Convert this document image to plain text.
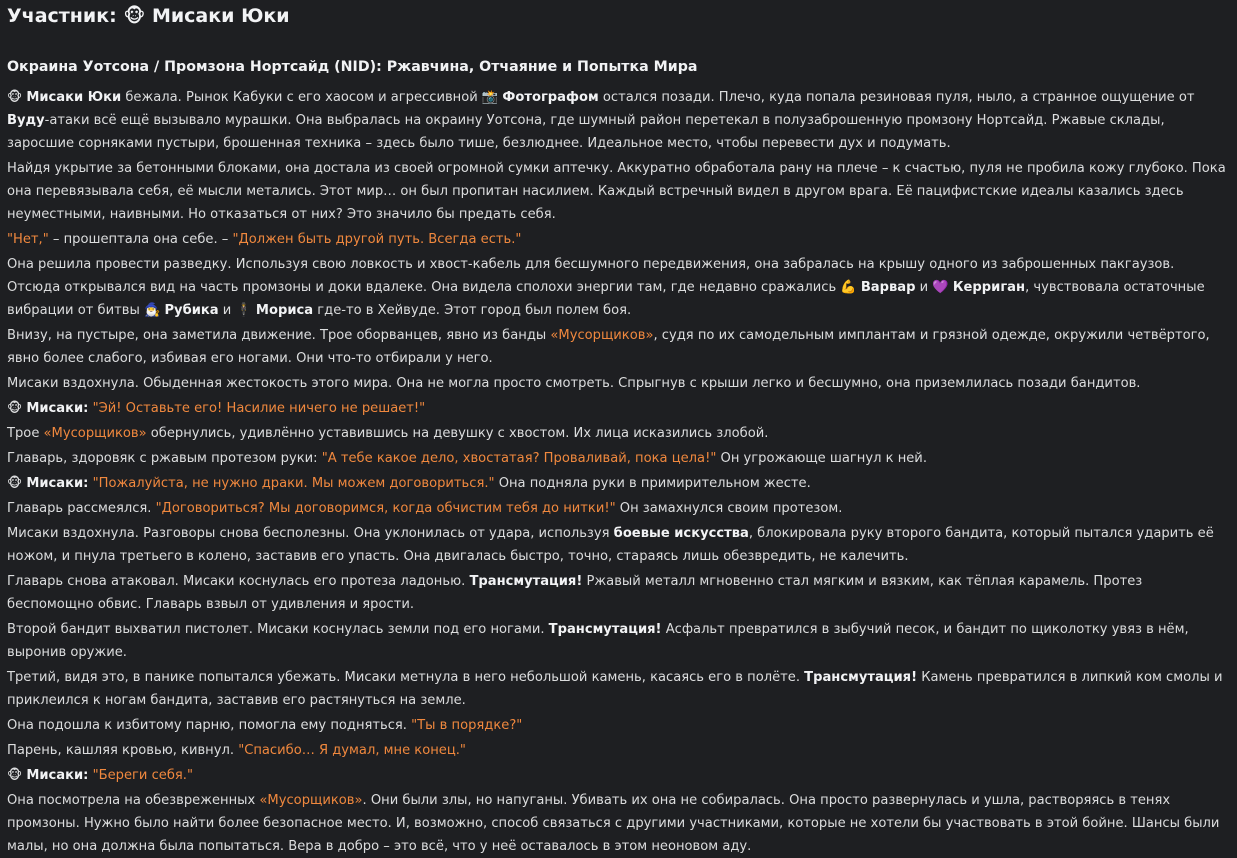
Участник: 🐵 Мисаки Юки
Окраина Уотсона / Промзона Нортсайд (NID): Ржавчина, Отчаяние и Попытка Мира

🐵 Мисаки Юки бежала. Рынок Кабуки с его хаосом и агрессивной 📸 Фотографом остался позади. Плечо, куда попала резиновая пуля, ныло, а странное ощущение от Вуду-атаки всё ещё вызывало мурашки. Она выбралась на окраину Уотсона, где шумный район перетекал в полузаброшенную промзону Нортсайд. Ржавые склады, заросшие сорняками пустыри, брошенная техника – здесь было тише, безлюднее. Идеальное место, чтобы перевести дух и подумать.

Найдя укрытие за бетонными блоками, она достала из своей огромной сумки аптечку. Аккуратно обработала рану на плече – к счастью, пуля не пробила кожу глубоко. Пока она перевязывала себя, её мысли метались. Этот мир… он был пропитан насилием. Каждый встречный видел в другом врага. Её пацифистские идеалы казались здесь неуместными, наивными. Но отказаться от них? Это значило бы предать себя.

"Нет," – прошептала она себе. – "Должен быть другой путь. Всегда есть."

Она решила провести разведку. Используя свою ловкость и хвост-кабель для бесшумного передвижения, она забралась на крышу одного из заброшенных пакгаузов. Отсюда открывался вид на часть промзоны и доки вдалеке. Она видела сполохи энергии там, где недавно сражались 💪 Варвар и 💜 Керриган, чувствовала остаточные вибрации от битвы 🧙‍♂️ Рубика и 🕴 Мориса где-то в Хейвуде. Этот город был полем боя.

Внизу, на пустыре, она заметила движение. Трое оборванцев, явно из банды «Мусорщиков», судя по их самодельным имплантам и грязной одежде, окружили четвёртого, явно более слабого, избивая его ногами. Они что-то отбирали у него.

Мисаки вздохнула. Обыденная жестокость этого мира. Она не могла просто смотреть. Спрыгнув с крыши легко и бесшумно, она приземлилась позади бандитов.

🐵 Мисаки: "Эй! Оставьте его! Насилие ничего не решает!"

Трое «Мусорщиков» обернулись, удивлённо уставившись на девушку с хвостом. Их лица исказились злобой.

Главарь, здоровяк с ржавым протезом руки: "А тебе какое дело, хвостатая? Проваливай, пока цела!" Он угрожающе шагнул к ней.

🐵 Мисаки: "Пожалуйста, не нужно драки. Мы можем договориться." Она подняла руки в примирительном жесте.

Главарь рассмеялся. "Договориться? Мы договоримся, когда обчистим тебя до нитки!" Он замахнулся своим протезом.

Мисаки вздохнула. Разговоры снова бесполезны. Она уклонилась от удара, используя боевые искусства, блокировала руку второго бандита, который пытался ударить её ножом, и пнула третьего в колено, заставив его упасть. Она двигалась быстро, точно, стараясь лишь обезвредить, не калечить.

Главарь снова атаковал. Мисаки коснулась его протеза ладонью. Трансмутация! Ржавый металл мгновенно стал мягким и вязким, как тёплая карамель. Протез беспомощно обвис. Главарь взвыл от удивления и ярости.

Второй бандит выхватил пистолет. Мисаки коснулась земли под его ногами. Трансмутация! Асфальт превратился в зыбучий песок, и бандит по щиколотку увяз в нём, выронив оружие.

Третий, видя это, в панике попытался убежать. Мисаки метнула в него небольшой камень, касаясь его в полёте. Трансмутация! Камень превратился в липкий ком смолы и приклеился к ногам бандита, заставив его растянуться на земле.

Она подошла к избитому парню, помогла ему подняться. "Ты в порядке?"

Парень, кашляя кровью, кивнул. "Спасибо… Я думал, мне конец."

🐵 Мисаки: "Береги себя."

Она посмотрела на обезвреженных «Мусорщиков». Они были злы, но напуганы. Убивать их она не собиралась. Она просто развернулась и ушла, растворяясь в тенях промзоны. Нужно было найти более безопасное место. И, возможно, способ связаться с другими участниками, которые не хотели бы участвовать в этой бойне. Шансы были малы, но она должна была попытаться. Вера в добро – это всё, что у неё оставалось в этом неоновом аду.
